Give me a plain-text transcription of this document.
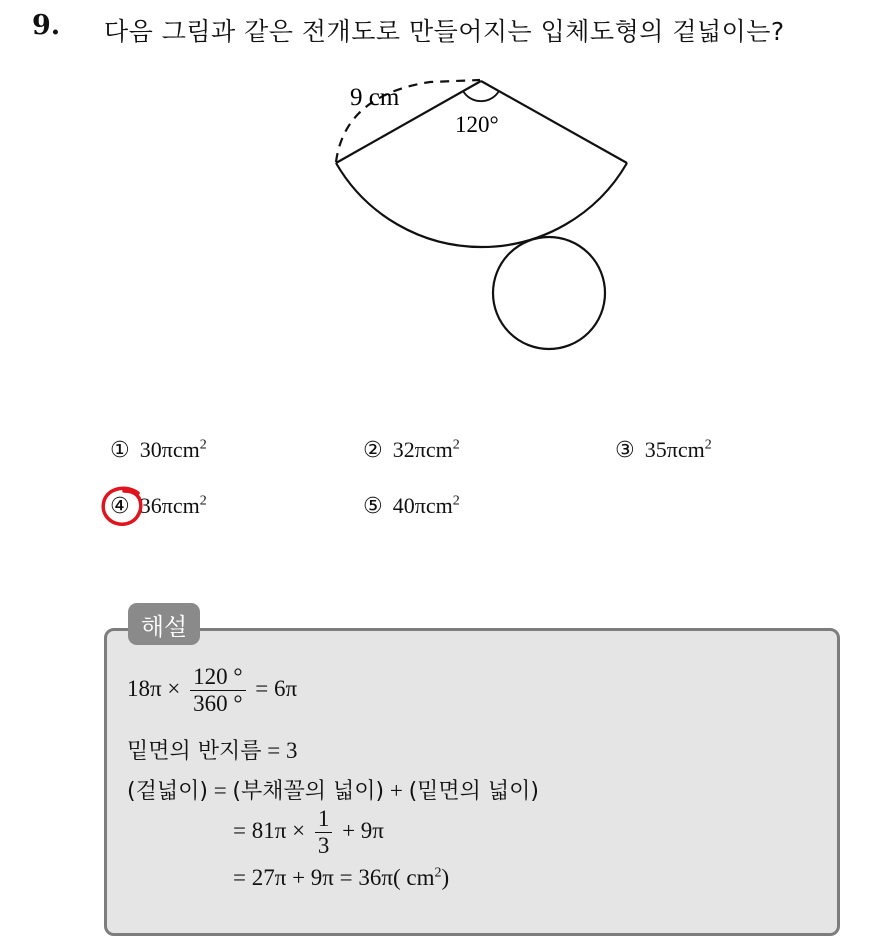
9. 다음 그림과 같은 전개도로 만들어지는 입체도형의 겉넓이는?
9 cm
120°
① 30πcm$^2$	② 32πcm$^2$	③ 35πcm$^2$
④ 36πcm$^2$	⑤ 40πcm$^2$
해설
$18\pi \times \frac{120 ^\circ}{360 ^\circ} = 6\pi$
밑면의 반지름 = 3
(겉넓이) = (부채꼴의 넓이) + (밑면의 넓이)
= $81\pi \times \frac{1}{3} + 9\pi$
= 27π + 9π = 36π( $cm^2$)
